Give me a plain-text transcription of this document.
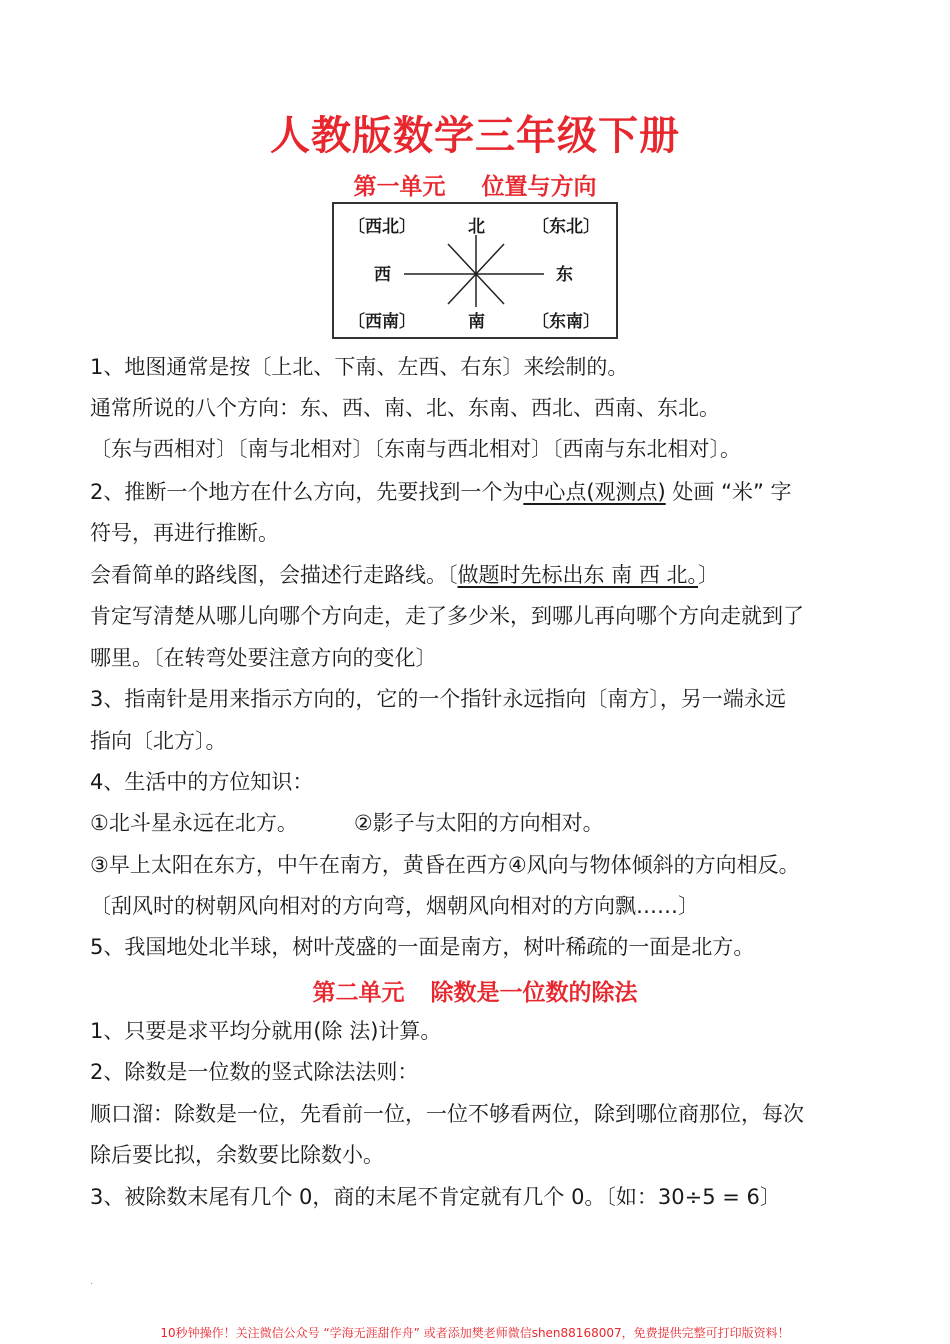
人教版数学三年级下册
第一单元 位置与方向
〔西北〕	北	〔东北〕
西	东
〔西南〕	南	〔东南〕
1、地图通常是按〔上北、下南、左西、右东〕来绘制的。
通常所说的八个方向：东、西、南、北、东南、西北、西南、东北。
〔东与西相对〕〔南与北相对〕〔东南与西北相对〕〔西南与东北相对〕。
2、推断一个地方在什么方向，先要找到一个为中心点(观测点) 处画 “米” 字
符号，再进行推断。
会看简单的路线图，会描述行走路线。〔做题时先标出东 南 西 北。〕
肯定写清楚从哪儿向哪个方向走，走了多少米，到哪儿再向哪个方向走就到了
哪里。〔在转弯处要注意方向的变化〕
3、指南针是用来指示方向的，它的一个指针永远指向〔南方〕，另一端永远
指向〔北方〕。
4、生活中的方位知识：
①北斗星永远在北方。	②影子与太阳的方向相对。
③早上太阳在东方，中午在南方，黄昏在西方④风向与物体倾斜的方向相反。
〔刮风时的树朝风向相对的方向弯，烟朝风向相对的方向飘……〕
5、我国地处北半球，树叶茂盛的一面是南方，树叶稀疏的一面是北方。
第二单元 除数是一位数的除法
1、只要是求平均分就用(除 法)计算。
2、除数是一位数的竖式除法法则：
顺口溜：除数是一位，先看前一位，一位不够看两位，除到哪位商那位，每次
除后要比拟，余数要比除数小。
3、被除数末尾有几个 0，商的末尾不肯定就有几个 0。〔如：30÷5 = 6〕
.
10秒钟操作！关注微信公众号 “学海无涯甜作舟” 或者添加樊老师微信shen88168007，免费提供完整可打印版资料！
